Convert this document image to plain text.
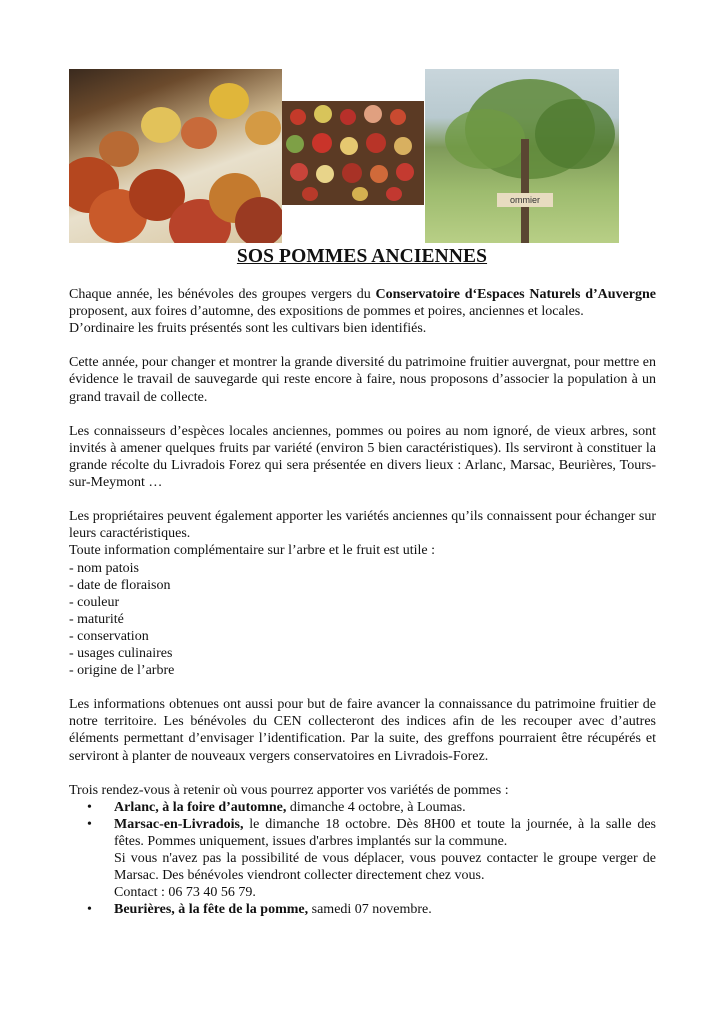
ommier
SOS POMMES ANCIENNES

Chaque année, les bénévoles des groupes vergers du Conservatoire d‘Espaces Naturels d’Auvergne proposent, aux foires d’automne, des expositions de pommes et poires, anciennes et locales.

D’ordinaire les fruits présentés sont les cultivars bien identifiés.

Cette année, pour changer et montrer la grande diversité du patrimoine fruitier auvergnat, pour mettre en évidence le travail de sauvegarde qui reste encore à faire, nous proposons d’associer la population à un grand travail de collecte.

Les connaisseurs d’espèces locales anciennes, pommes ou poires au nom ignoré, de vieux arbres, sont invités à amener quelques fruits par variété (environ 5 bien caractéristiques). Ils serviront à constituer la grande récolte du Livradois Forez qui sera présentée en divers lieux : Arlanc, Marsac, Beurières, Tours-sur-Meymont …

Les propriétaires peuvent également apporter les variétés anciennes qu’ils connaissent pour échanger sur leurs caractéristiques.

Toute information complémentaire sur l’arbre et le fruit est utile :

- nom patois
- date de floraison
- couleur
- maturité
- conservation
- usages culinaires
- origine de l’arbre

Les informations obtenues ont aussi pour but de faire avancer la connaissance du patrimoine fruitier de notre territoire. Les bénévoles du CEN collecteront des indices afin de les recouper avec d’autres éléments permettant d’envisager l’identification. Par la suite, des greffons pourraient être récupérés et serviront à planter de nouveaux vergers conservatoires en Livradois-Forez.

Trois rendez-vous à retenir où vous pourrez apporter vos variétés de pommes :

• Arlanc, à la foire d’automne, dimanche 4 octobre, à Loumas.
• Marsac-en-Livradois, le dimanche 18 octobre. Dès 8H00 et toute la journée, à la salle des fêtes. Pommes uniquement, issues d'arbres implantés sur la commune.

Si vous n'avez pas la possibilité de vous déplacer, vous pouvez contacter le groupe verger de Marsac. Des bénévoles viendront collecter directement chez vous.

Contact : 06 73 40 56 79.

• Beurières, à la fête de la pomme, samedi 07 novembre.
